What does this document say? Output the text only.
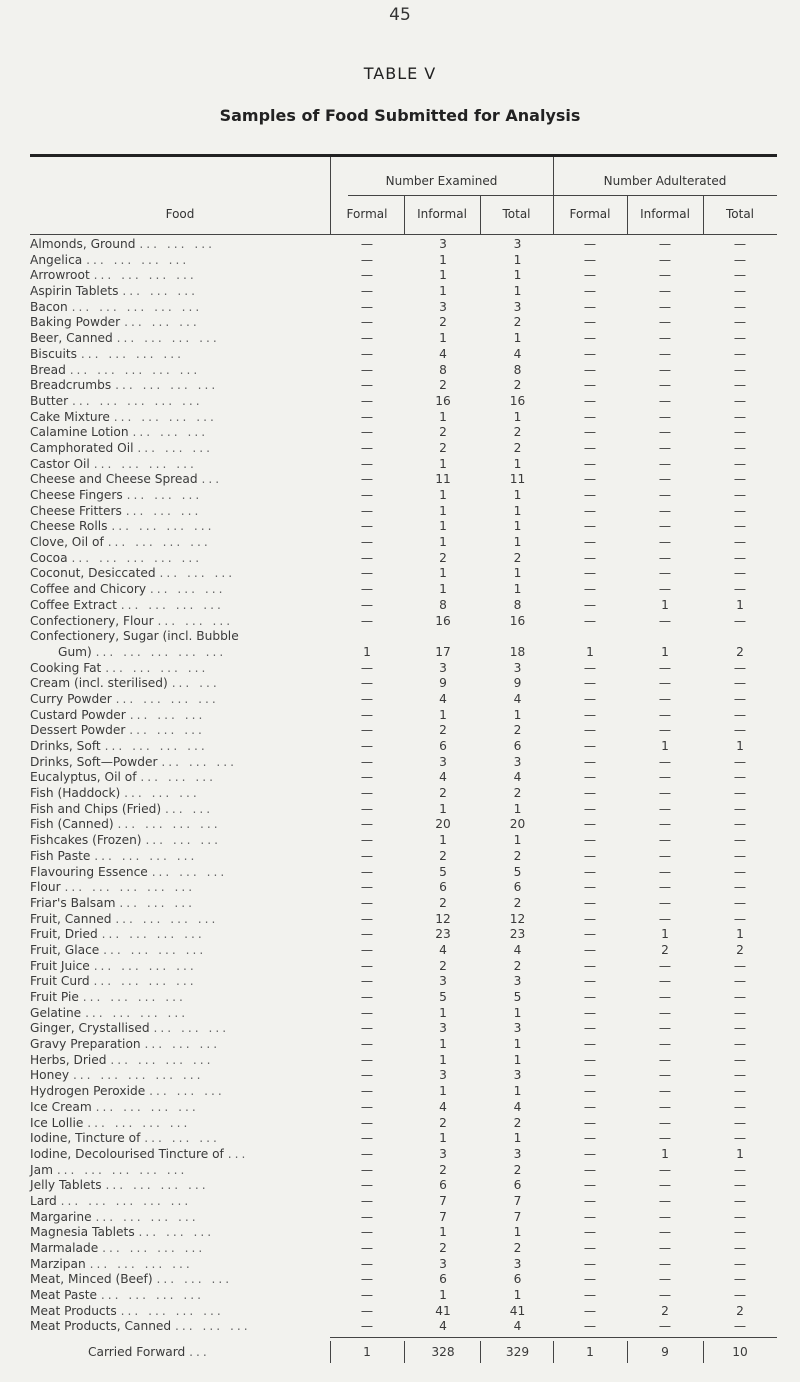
45
TABLE V
Samples of Food Submitted for Analysis
Food
Number Examined	Number Adulterated
Formal	Informal	Total	Formal	Informal	Total
Almonds, Ground ... ... ...	—	3	3	—	—	—
Angelica ... ... ... ...	—	1	1	—	—	—
Arrowroot ... ... ... ...	—	1	1	—	—	—
Aspirin Tablets ... ... ...	—	1	1	—	—	—
Bacon ... ... ... ... ...	—	3	3	—	—	—
Baking Powder ... ... ...	—	2	2	—	—	—
Beer, Canned ... ... ... ...	—	1	1	—	—	—
Biscuits ... ... ... ...	—	4	4	—	—	—
Bread ... ... ... ... ...	—	8	8	—	—	—
Breadcrumbs ... ... ... ...	—	2	2	—	—	—
Butter ... ... ... ... ...	—	16	16	—	—	—
Cake Mixture ... ... ... ...	—	1	1	—	—	—
Calamine Lotion ... ... ...	—	2	2	—	—	—
Camphorated Oil ... ... ...	—	2	2	—	—	—
Castor Oil ... ... ... ...	—	1	1	—	—	—
Cheese and Cheese Spread ...	—	11	11	—	—	—
Cheese Fingers ... ... ...	—	1	1	—	—	—
Cheese Fritters ... ... ...	—	1	1	—	—	—
Cheese Rolls ... ... ... ...	—	1	1	—	—	—
Clove, Oil of ... ... ... ...	—	1	1	—	—	—
Cocoa ... ... ... ... ...	—	2	2	—	—	—
Coconut, Desiccated ... ... ...	—	1	1	—	—	—
Coffee and Chicory ... ... ...	—	1	1	—	—	—
Coffee Extract ... ... ... ...	—	8	8	—	1	1
Confectionery, Flour ... ... ...	—	16	16	—	—	—
Confectionery, Sugar (incl. Bubble
Gum) ... ... ... ... ...	1	17	18	1	1	2
Cooking Fat ... ... ... ...	—	3	3	—	—	—
Cream (incl. sterilised) ... ...	—	9	9	—	—	—
Curry Powder ... ... ... ...	—	4	4	—	—	—
Custard Powder ... ... ...	—	1	1	—	—	—
Dessert Powder ... ... ...	—	2	2	—	—	—
Drinks, Soft ... ... ... ...	—	6	6	—	1	1
Drinks, Soft—Powder ... ... ...	—	3	3	—	—	—
Eucalyptus, Oil of ... ... ...	—	4	4	—	—	—
Fish (Haddock) ... ... ...	—	2	2	—	—	—
Fish and Chips (Fried) ... ...	—	1	1	—	—	—
Fish (Canned) ... ... ... ...	—	20	20	—	—	—
Fishcakes (Frozen) ... ... ...	—	1	1	—	—	—
Fish Paste ... ... ... ...	—	2	2	—	—	—
Flavouring Essence ... ... ...	—	5	5	—	—	—
Flour ... ... ... ... ...	—	6	6	—	—	—
Friar's Balsam ... ... ...	—	2	2	—	—	—
Fruit, Canned ... ... ... ...	—	12	12	—	—	—
Fruit, Dried ... ... ... ...	—	23	23	—	1	1
Fruit, Glace ... ... ... ...	—	4	4	—	2	2
Fruit Juice ... ... ... ...	—	2	2	—	—	—
Fruit Curd ... ... ... ...	—	3	3	—	—	—
Fruit Pie ... ... ... ...	—	5	5	—	—	—
Gelatine ... ... ... ...	—	1	1	—	—	—
Ginger, Crystallised ... ... ...	—	3	3	—	—	—
Gravy Preparation ... ... ...	—	1	1	—	—	—
Herbs, Dried ... ... ... ...	—	1	1	—	—	—
Honey ... ... ... ... ...	—	3	3	—	—	—
Hydrogen Peroxide ... ... ...	—	1	1	—	—	—
Ice Cream ... ... ... ...	—	4	4	—	—	—
Ice Lollie ... ... ... ...	—	2	2	—	—	—
Iodine, Tincture of ... ... ...	—	1	1	—	—	—
Iodine, Decolourised Tincture of ...	—	3	3	—	1	1
Jam ... ... ... ... ...	—	2	2	—	—	—
Jelly Tablets ... ... ... ...	—	6	6	—	—	—
Lard ... ... ... ... ...	—	7	7	—	—	—
Margarine ... ... ... ...	—	7	7	—	—	—
Magnesia Tablets ... ... ...	—	1	1	—	—	—
Marmalade ... ... ... ...	—	2	2	—	—	—
Marzipan ... ... ... ...	—	3	3	—	—	—
Meat, Minced (Beef) ... ... ...	—	6	6	—	—	—
Meat Paste ... ... ... ...	—	1	1	—	—	—
Meat Products ... ... ... ...	—	41	41	—	2	2
Meat Products, Canned ... ... ...	—	4	4	—	—	—
Carried Forward ...	1	328	329	1	9	10
